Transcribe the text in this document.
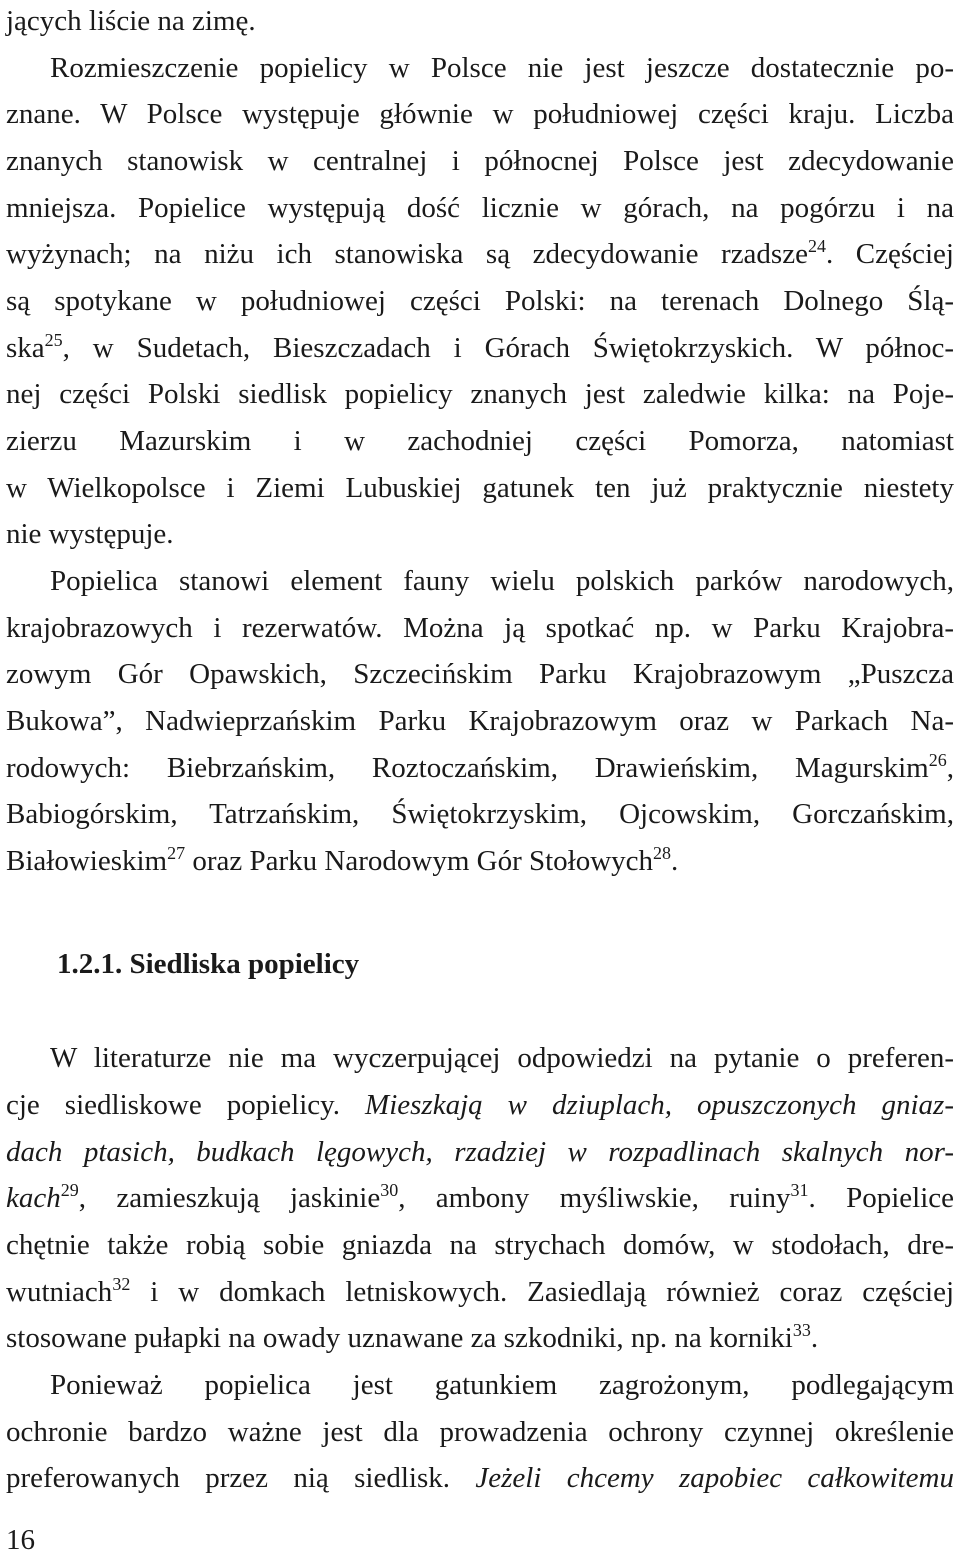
jących liście na zimę.
Rozmieszczenie popielicy w Polsce nie jest jeszcze dostatecznie po-
znane. W Polsce występuje głównie w południowej części kraju. Liczba
znanych stanowisk w centralnej i północnej Polsce jest zdecydowanie
mniejsza. Popielice występują dość licznie w górach, na pogórzu i na
wyżynach; na niżu ich stanowiska są zdecydowanie rzadsze$^{24}$. Częściej
są spotykane w południowej części Polski: na terenach Dolnego Ślą-
ska$^{25}$, w Sudetach, Bieszczadach i Górach Świętokrzyskich. W północ-
nej części Polski siedlisk popielicy znanych jest zaledwie kilka: na Poje-
zierzu Mazurskim i w zachodniej części Pomorza, natomiast
w Wielkopolsce i Ziemi Lubuskiej gatunek ten już praktycznie niestety
nie występuje.
Popielica stanowi element fauny wielu polskich parków narodowych,
krajobrazowych i rezerwatów. Można ją spotkać np. w Parku Krajobra-
zowym Gór Opawskich, Szczecińskim Parku Krajobrazowym „Puszcza
Bukowa”, Nadwieprzańskim Parku Krajobrazowym oraz w Parkach Na-
rodowych: Biebrzańskim, Roztoczańskim, Drawieńskim, Magurskim$^{26}$,
Babiogórskim, Tatrzańskim, Świętokrzyskim, Ojcowskim, Gorczańskim,
Białowieskim$^{27}$ oraz Parku Narodowym Gór Stołowych$^{28}$.
1.2.1. Siedliska popielicy
W literaturze nie ma wyczerpującej odpowiedzi na pytanie o preferen-
cje siedliskowe popielicy. Mieszkają w dziuplach, opuszczonych gniaz-
dach ptasich, budkach lęgowych, rzadziej w rozpadlinach skalnych nor-
kach$^{29}$, zamieszkują jaskinie$^{30}$, ambony myśliwskie, ruiny$^{31}$. Popielice
chętnie także robią sobie gniazda na strychach domów, w stodołach, dre-
wutniach$^{32}$ i w domkach letniskowych. Zasiedlają również coraz częściej
stosowane pułapki na owady uznawane za szkodniki, np. na korniki$^{33}$.
Ponieważ popielica jest gatunkiem zagrożonym, podlegającym
ochronie bardzo ważne jest dla prowadzenia ochrony czynnej określenie
preferowanych przez nią siedlisk. Jeżeli chcemy zapobiec całkowitemu
16
